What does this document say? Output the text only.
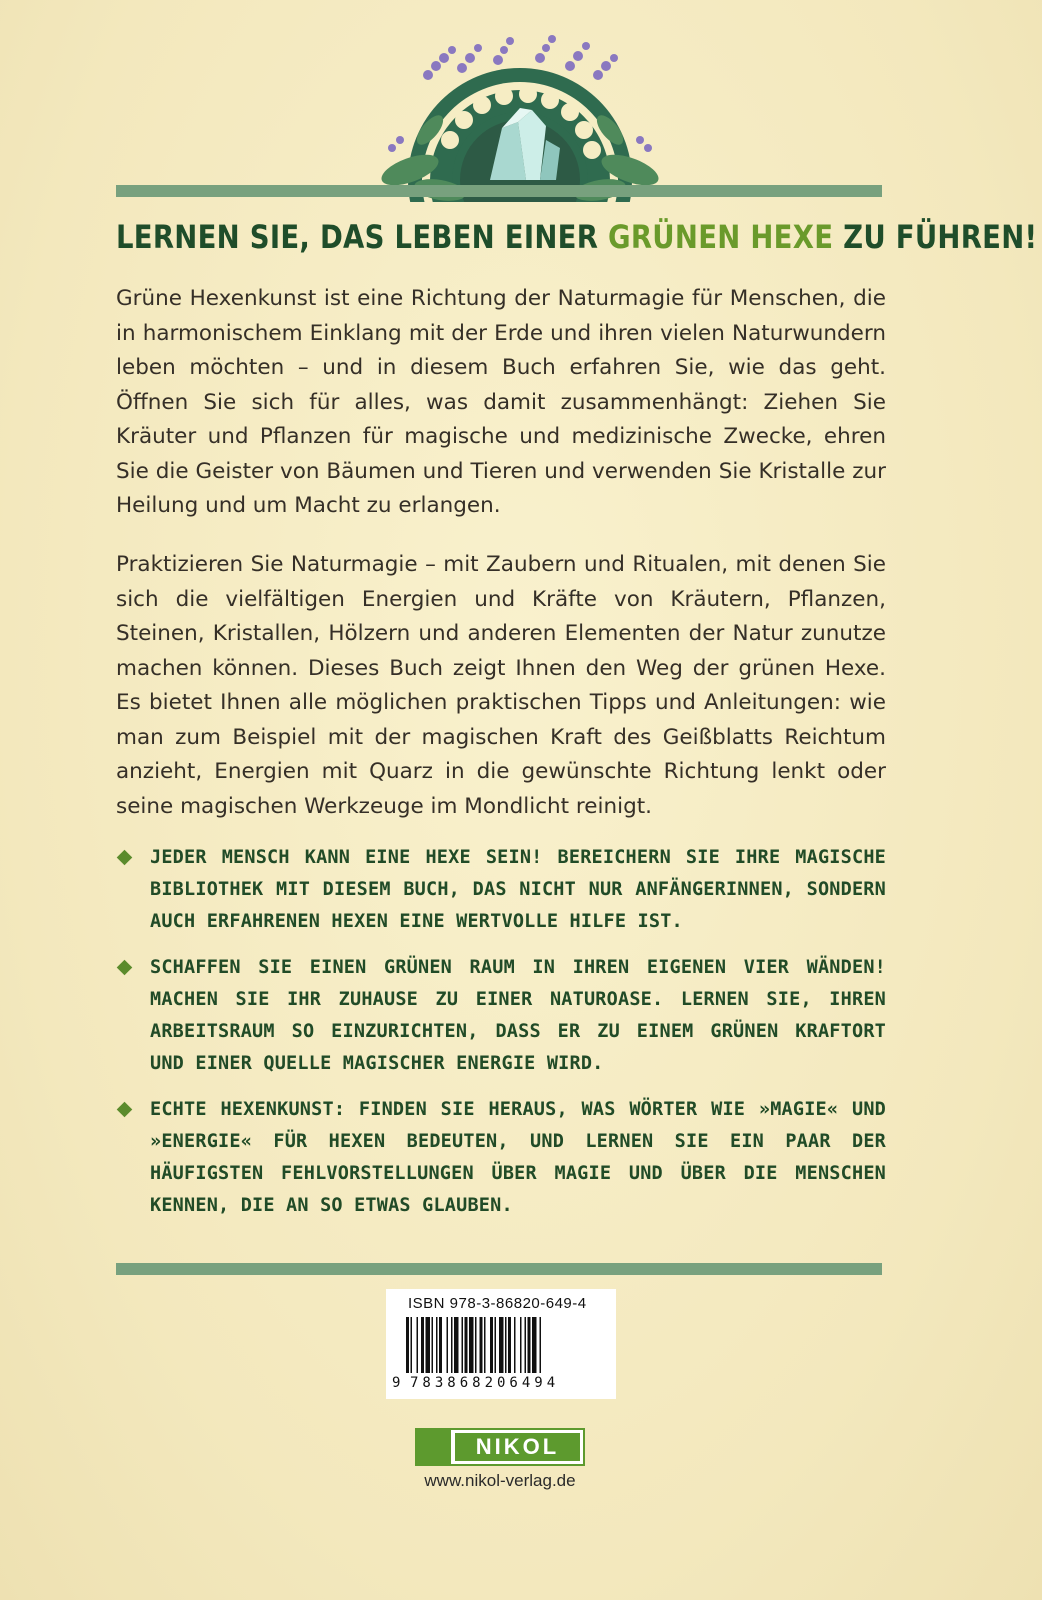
LERNEN SIE, DAS LEBEN EINER GRÜNEN HEXE ZU FÜHREN!

Grüne Hexenkunst ist eine Richtung der Naturmagie für Menschen, die in harmonischem Einklang mit der Erde und ihren vielen Naturwundern leben möchten – und in diesem Buch erfahren Sie, wie das geht. Öffnen Sie sich für alles, was damit zusammenhängt: Ziehen Sie Kräuter und Pflanzen für magische und medizinische Zwecke, ehren Sie die Geister von Bäumen und Tieren und verwenden Sie Kristalle zur Heilung und um Macht zu erlangen.

Praktizieren Sie Naturmagie – mit Zaubern und Ritualen, mit denen Sie sich die vielfältigen Energien und Kräfte von Kräutern, Pflanzen, Steinen, Kristallen, Hölzern und anderen Elementen der Natur zunutze machen können. Dieses Buch zeigt Ihnen den Weg der grünen Hexe. Es bietet Ihnen alle möglichen praktischen Tipps und Anleitungen: wie man zum Beispiel mit der magischen Kraft des Geißblatts Reichtum anzieht, Energien mit Quarz in die gewünschte Richtung lenkt oder seine magischen Werkzeuge im Mondlicht reinigt.

JEDER MENSCH KANN EINE HEXE SEIN! BEREICHERN SIE IHRE MAGISCHE BIBLIOTHEK MIT DIESEM BUCH, DAS NICHT NUR ANFÄNGERINNEN, SONDERN AUCH ERFAHRENEN HEXEN EINE WERTVOLLE HILFE IST.
SCHAFFEN SIE EINEN GRÜNEN RAUM IN IHREN EIGENEN VIER WÄNDEN! MACHEN SIE IHR ZUHAUSE ZU EINER NATUROASE. LERNEN SIE, IHREN ARBEITSRAUM SO EINZURICHTEN, DASS ER ZU EINEM GRÜNEN KRAFTORT UND EINER QUELLE MAGISCHER ENERGIE WIRD.
ECHTE HEXENKUNST: FINDEN SIE HERAUS, WAS WÖRTER WIE »MAGIE« UND »ENERGIE« FÜR HEXEN BEDEUTEN, UND LERNEN SIE EIN PAAR DER HÄUFIGSTEN FEHLVORSTELLUNGEN ÜBER MAGIE UND ÜBER DIE MENSCHEN KENNEN, DIE AN SO ETWAS GLAUBEN.
ISBN 978-3-86820-649-4
9 783868206494
NIKOL
www.nikol-verlag.de
